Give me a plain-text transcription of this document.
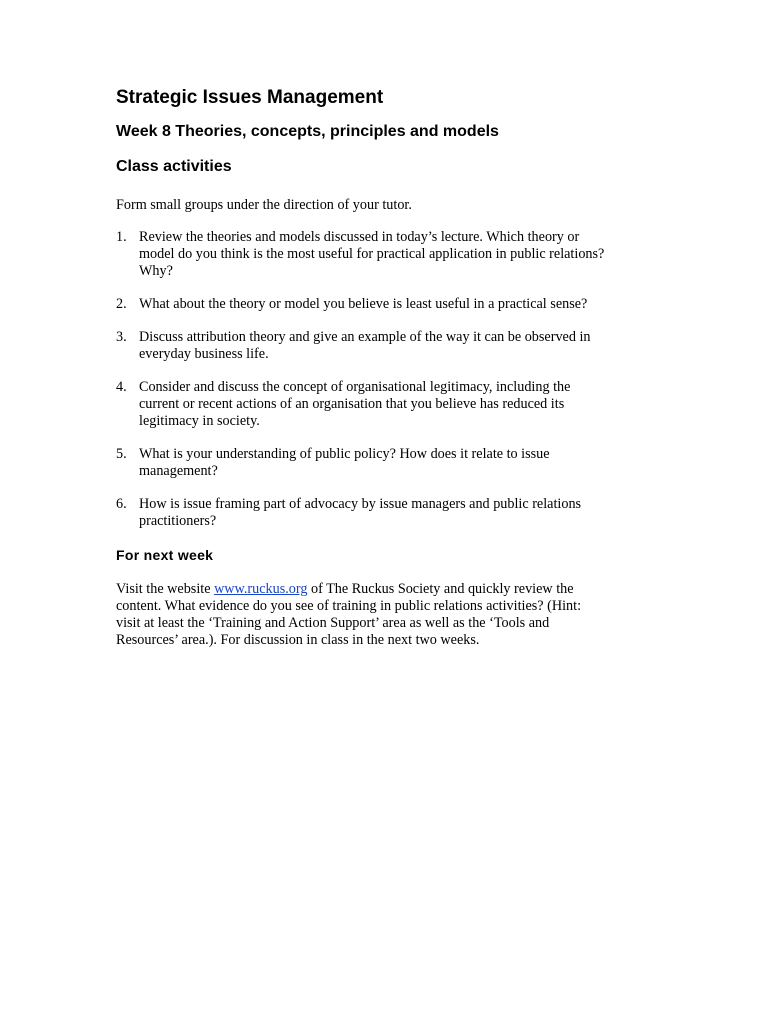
Strategic Issues Management
Week 8 Theories, concepts, principles and models
Class activities

Form small groups under the direction of your tutor.

1. Review the theories and models discussed in today’s lecture. Which theory or
model do you think is the most useful for practical application in public relations?
Why?
2. What about the theory or model you believe is least useful in a practical sense?
3. Discuss attribution theory and give an example of the way it can be observed in
everyday business life.
4. Consider and discuss the concept of organisational legitimacy, including the
current or recent actions of an organisation that you believe has reduced its
legitimacy in society.
5. What is your understanding of public policy? How does it relate to issue
management?
6. How is issue framing part of advocacy by issue managers and public relations
practitioners?
For next week

Visit the website www.ruckus.org of The Ruckus Society and quickly review the
content. What evidence do you see of training in public relations activities? (Hint:
visit at least the ‘Training and Action Support’ area as well as the ‘Tools and
Resources’ area.). For discussion in class in the next two weeks.
